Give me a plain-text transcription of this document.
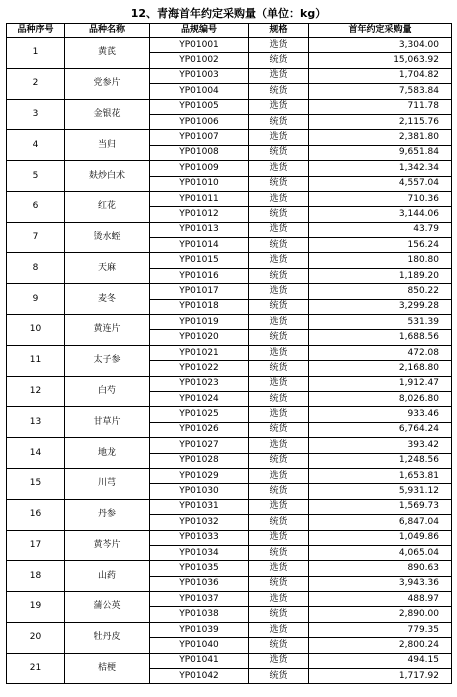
12、青海首年约定采购量（单位：kg）
品种序号	品种名称	品规编号	规格	首年约定采购量
1	黄芪	YP01001	选货	3,304.00
		YP01002	统货	15,063.92
2	党参片	YP01003	选货	1,704.82
		YP01004	统货	7,583.84
3	金银花	YP01005	选货	711.78
		YP01006	统货	2,115.76
4	当归	YP01007	选货	2,381.80
		YP01008	统货	9,651.84
5	麸炒白术	YP01009	选货	1,342.34
		YP01010	统货	4,557.04
6	红花	YP01011	选货	710.36
		YP01012	统货	3,144.06
7	烫水蛭	YP01013	选货	43.79
		YP01014	统货	156.24
8	天麻	YP01015	选货	180.80
		YP01016	统货	1,189.20
9	麦冬	YP01017	选货	850.22
		YP01018	统货	3,299.28
10	黄连片	YP01019	选货	531.39
		YP01020	统货	1,688.56
11	太子参	YP01021	选货	472.08
		YP01022	统货	2,168.80
12	白芍	YP01023	选货	1,912.47
		YP01024	统货	8,026.80
13	甘草片	YP01025	选货	933.46
		YP01026	统货	6,764.24
14	地龙	YP01027	选货	393.42
		YP01028	统货	1,248.56
15	川芎	YP01029	选货	1,653.81
		YP01030	统货	5,931.12
16	丹参	YP01031	选货	1,569.73
		YP01032	统货	6,847.04
17	黄芩片	YP01033	选货	1,049.86
		YP01034	统货	4,065.04
18	山药	YP01035	选货	890.63
		YP01036	统货	3,943.36
19	蒲公英	YP01037	选货	488.97
		YP01038	统货	2,890.00
20	牡丹皮	YP01039	选货	779.35
		YP01040	统货	2,800.24
21	桔梗	YP01041	选货	494.15
		YP01042	统货	1,717.92
